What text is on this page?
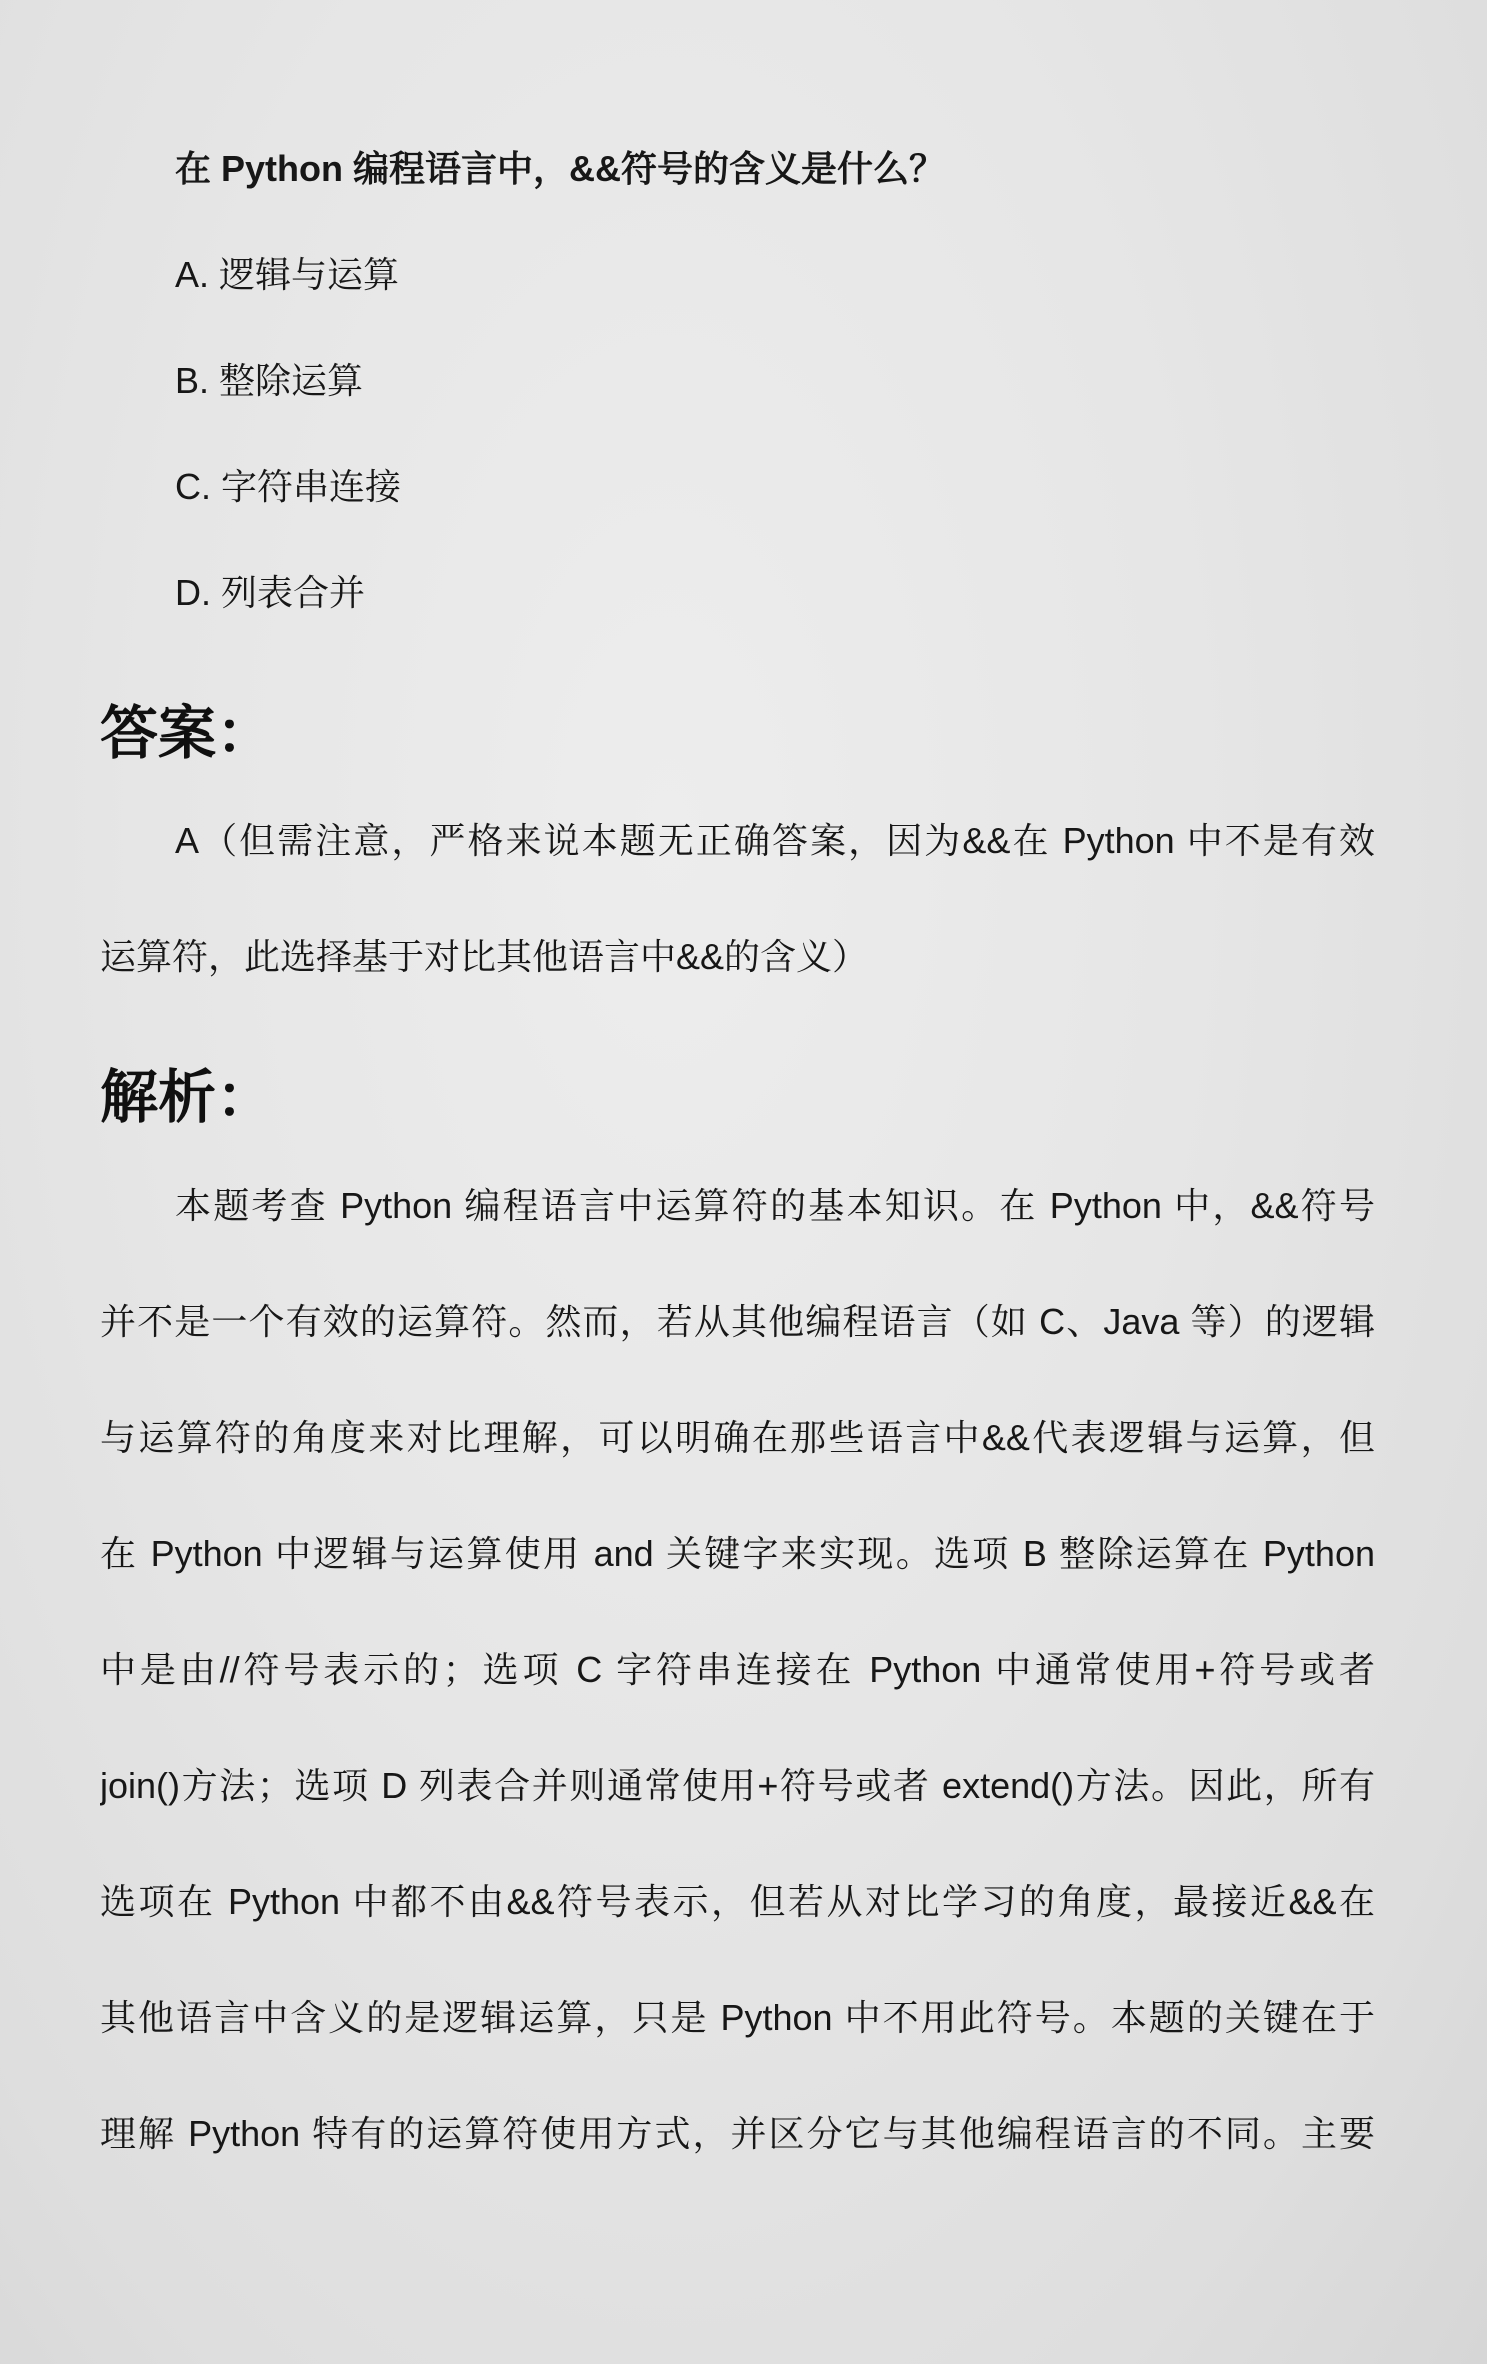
在 Python 编程语言中，&&符号的含义是什么？
A. 逻辑与运算
B. 整除运算
C. 字符串连接
D. 列表合并
答案：
A（但需注意，严格来说本题无正确答案，因为&&在 Python 中不是有效
运算符，此选择基于对比其他语言中&&的含义）
解析：
本题考查 Python 编程语言中运算符的基本知识。在 Python 中，&&符号
并不是一个有效的运算符。然而，若从其他编程语言（如 C、Java 等）的逻辑
与运算符的角度来对比理解，可以明确在那些语言中&&代表逻辑与运算，但
在 Python 中逻辑与运算使用 and 关键字来实现。选项 B 整除运算在 Python
中是由//符号表示的；选项 C 字符串连接在 Python 中通常使用+符号或者
join()方法；选项 D 列表合并则通常使用+符号或者 extend()方法。因此，所有
选项在 Python 中都不由&&符号表示，但若从对比学习的角度，最接近&&在
其他语言中含义的是逻辑运算，只是 Python 中不用此符号。本题的关键在于
理解 Python 特有的运算符使用方式，并区分它与其他编程语言的不同。主要
